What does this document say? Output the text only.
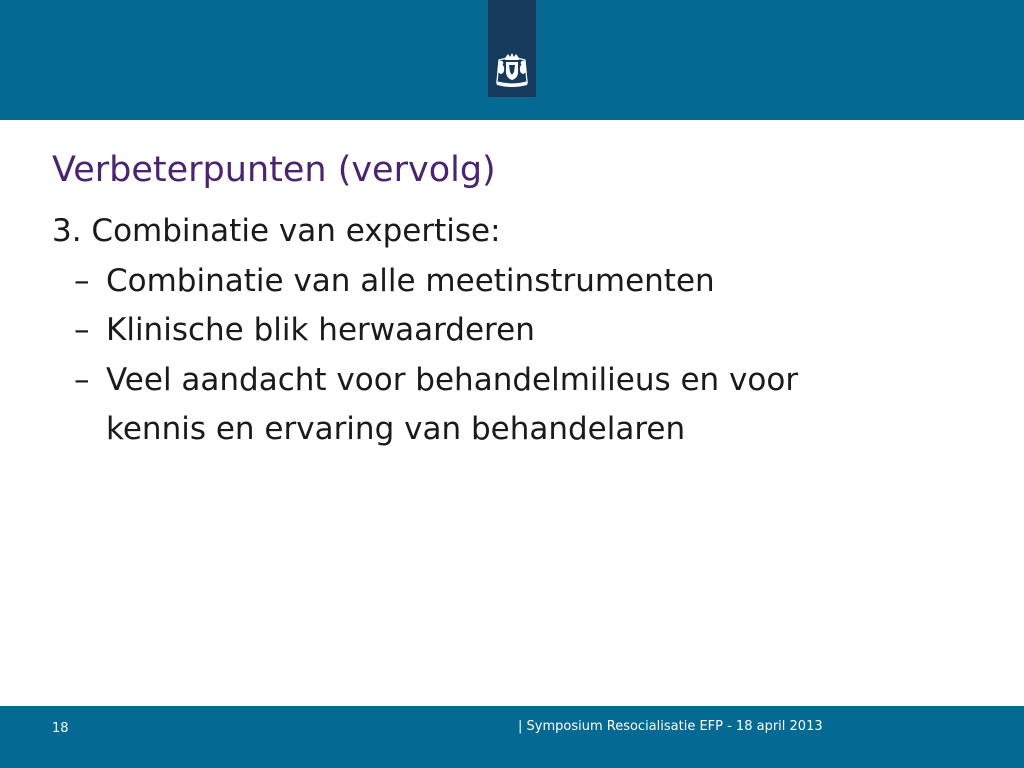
Verbeterpunten (vervolg)
3. Combinatie van expertise:
– Combinatie van alle meetinstrumenten
– Klinische blik herwaarderen
– Veel aandacht voor behandelmilieus en voor
kennis en ervaring van behandelaren
18	| Symposium Resocialisatie EFP - 18 april 2013
